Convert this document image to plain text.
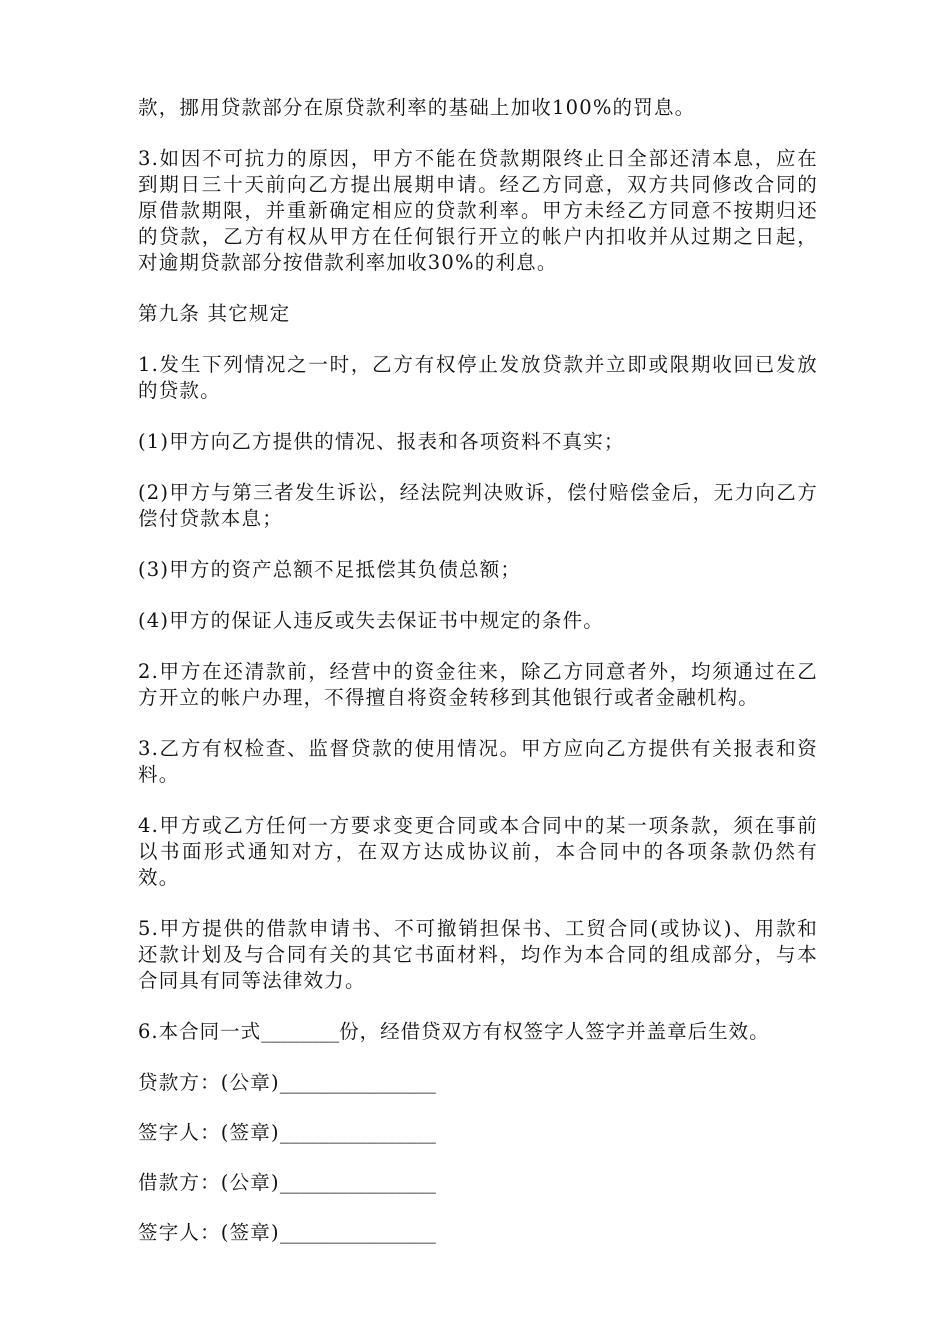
款，挪用贷款部分在原贷款利率的基础上加收100%的罚息。

3.如因不可抗力的原因，甲方不能在贷款期限终止日全部还清本息，应在到期日三十天前向乙方提出展期申请。经乙方同意，双方共同修改合同的原借款期限，并重新确定相应的贷款利率。甲方未经乙方同意不按期归还的贷款，乙方有权从甲方在任何银行开立的帐户内扣收并从过期之日起，对逾期贷款部分按借款利率加收30%的利息。

第九条 其它规定

1.发生下列情况之一时，乙方有权停止发放贷款并立即或限期收回已发放的贷款。

(1)甲方向乙方提供的情况、报表和各项资料不真实；

(2)甲方与第三者发生诉讼，经法院判决败诉，偿付赔偿金后，无力向乙方偿付贷款本息；

(3)甲方的资产总额不足抵偿其负债总额；

(4)甲方的保证人违反或失去保证书中规定的条件。

2.甲方在还清款前，经营中的资金往来，除乙方同意者外，均须通过在乙方开立的帐户办理，不得擅自将资金转移到其他银行或者金融机构。

3.乙方有权检查、监督贷款的使用情况。甲方应向乙方提供有关报表和资料。

4.甲方或乙方任何一方要求变更合同或本合同中的某一项条款，须在事前以书面形式通知对方，在双方达成协议前，本合同中的各项条款仍然有效。

5.甲方提供的借款申请书、不可撤销担保书、工贸合同(或协议)、用款和还款计划及与合同有关的其它书面材料，均作为本合同的组成部分，与本合同具有同等法律效力。

6.本合同一式________份，经借贷双方有权签字人签字并盖章后生效。

贷款方：(公章)________________

签字人：(签章)________________

借款方：(公章)________________

签字人：(签章)________________
